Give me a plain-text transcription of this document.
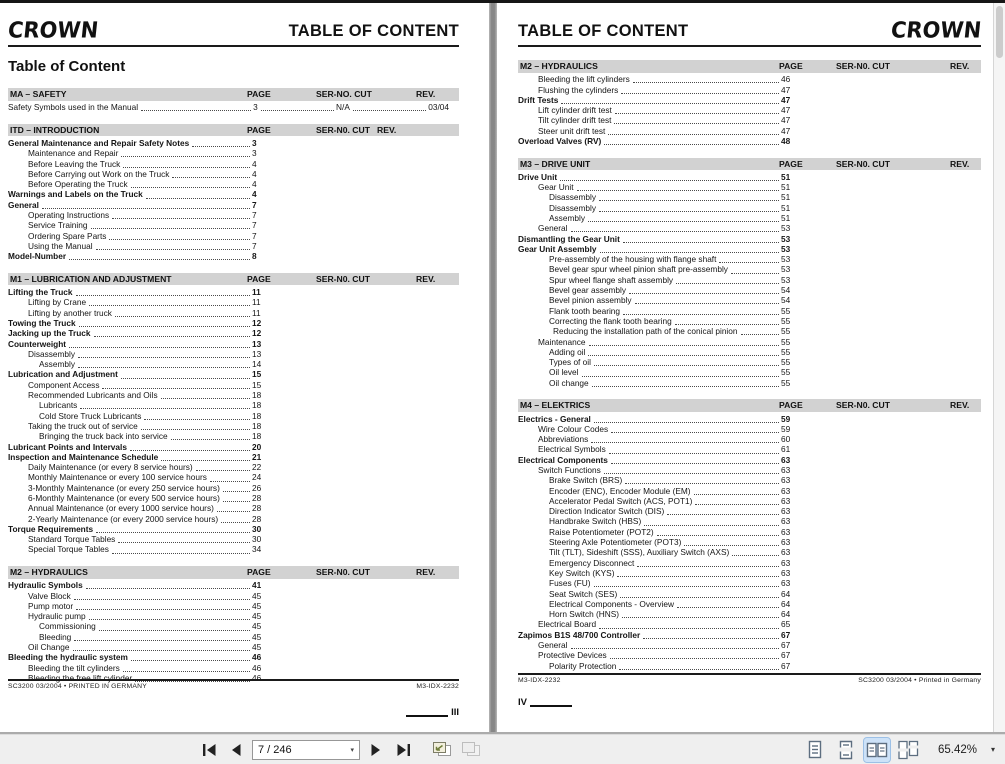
CROWN	TABLE OF CONTENT
Table of Content
MA – SAFETY	PAGE	SER-NO. CUT	REV.
Safety Symbols used in the Manual	3	N/A	03/04
ITD – INTRODUCTION	PAGE	SER-N0. CUT REV.
General Maintenance and Repair Safety Notes	3
Maintenance and Repair	3
Before Leaving the Truck	4
Before Carrying out Work on the Truck	4
Before Operating the Truck	4
Warnings and Labels on the Truck	4
General	7
Operating Instructions	7
Service Training	7
Ordering Spare Parts	7
Using the Manual	7
Model-Number	8
M1 – LUBRICATION AND ADJUSTMENT	PAGE	SER-N0. CUT	REV.
Lifting the Truck	11
Lifting by Crane	11
Lifting by another truck	11
Towing the Truck	12
Jacking up the Truck	12
Counterweight	13
Disassembly	13
Assembly	14
Lubrication and Adjustment	15
Component Access	15
Recommended Lubricants and Oils	18
Lubricants	18
Cold Store Truck Lubricants	18
Taking the truck out of service	18
Bringing the truck back into service	18
Lubricant Points and Intervals	20
Inspection and Maintenance Schedule	21
Daily Maintenance (or every 8 service hours)	22
Monthly Maintenance or every 100 service hours	24
3-Monthly Maintenance (or every 250 service hours)	26
6-Monthly Maintenance (or every 500 service hours)	28
Annual Maintenance (or every 1000 service hours)	28
2-Yearly Maintenance (or every 2000 service hours)	28
Torque Requirements	30
Standard Torque Tables	30
Special Torque Tables	34
M2 – HYDRAULICS	PAGE	SER-N0. CUT	REV.
Hydraulic Symbols	41
Valve Block	45
Pump motor	45
Hydraulic pump	45
Commissioning	45
Bleeding	45
Oil Change	45
Bleeding the hydraulic system	46
Bleeding the tilt cylinders	46
Bleeding the free lift cylinder	46
SC3200 03/2004 • PRINTED IN GERMANY	M3-IDX-2232
III
TABLE OF CONTENT	CROWN
M2 – HYDRAULICS	PAGE	SER-N0. CUT	REV.
Bleeding the lift cylinders	46
Flushing the cylinders	47
Drift Tests	47
Lift cylinder drift test	47
Tilt cylinder drift test	47
Steer unit drift test	47
Overload Valves (RV)	48
M3 – DRIVE UNIT	PAGE	SER-N0. CUT	REV.
Drive Unit	51
Gear Unit	51
Disassembly	51
Disassembly	51
Assembly	51
General	53
Dismantling the Gear Unit	53
Gear Unit Assembly	53
Pre-assembly of the housing with flange shaft	53
Bevel gear spur wheel pinion shaft pre-assembly	53
Spur wheel flange shaft assembly	53
Bevel gear assembly	54
Bevel pinion assembly	54
Flank tooth bearing	55
Correcting the flank tooth bearing	55
Reducing the installation path of the conical pinion	55
Maintenance	55
Adding oil	55
Types of oil	55
Oil level	55
Oil change	55
M4 – ELEKTRICS	PAGE	SER-N0. CUT	REV.
Electrics - General	59
Wire Colour Codes	59
Abbreviations	60
Electrical Symbols	61
Electrical Components	63
Switch Functions	63
Brake Switch (BRS)	63
Encoder (ENC), Encoder Module (EM)	63
Accelerator Pedal Switch (ACS, POT1)	63
Direction Indicator Switch (DIS)	63
Handbrake Switch (HBS)	63
Raise Potentiometer (POT2)	63
Steering Axle Potentiometer (POT3)	63
Tilt (TLT), Sideshift (SSS), Auxiliary Switch (AXS)	63
Emergency Disconnect	63
Key Switch (KYS)	63
Fuses (FU)	63
Seat Switch (SES)	64
Electrical Components - Overview	64
Horn Switch (HNS)	64
Electrical Board	65
Zapimos B1S 48/700 Controller	67
General	67
Protective Devices	67
Polarity Protection	67
M3-IDX-2232	SC3200 03/2004 • Printed in Germany
IV
7 / 246	▾	65.42% ▾
